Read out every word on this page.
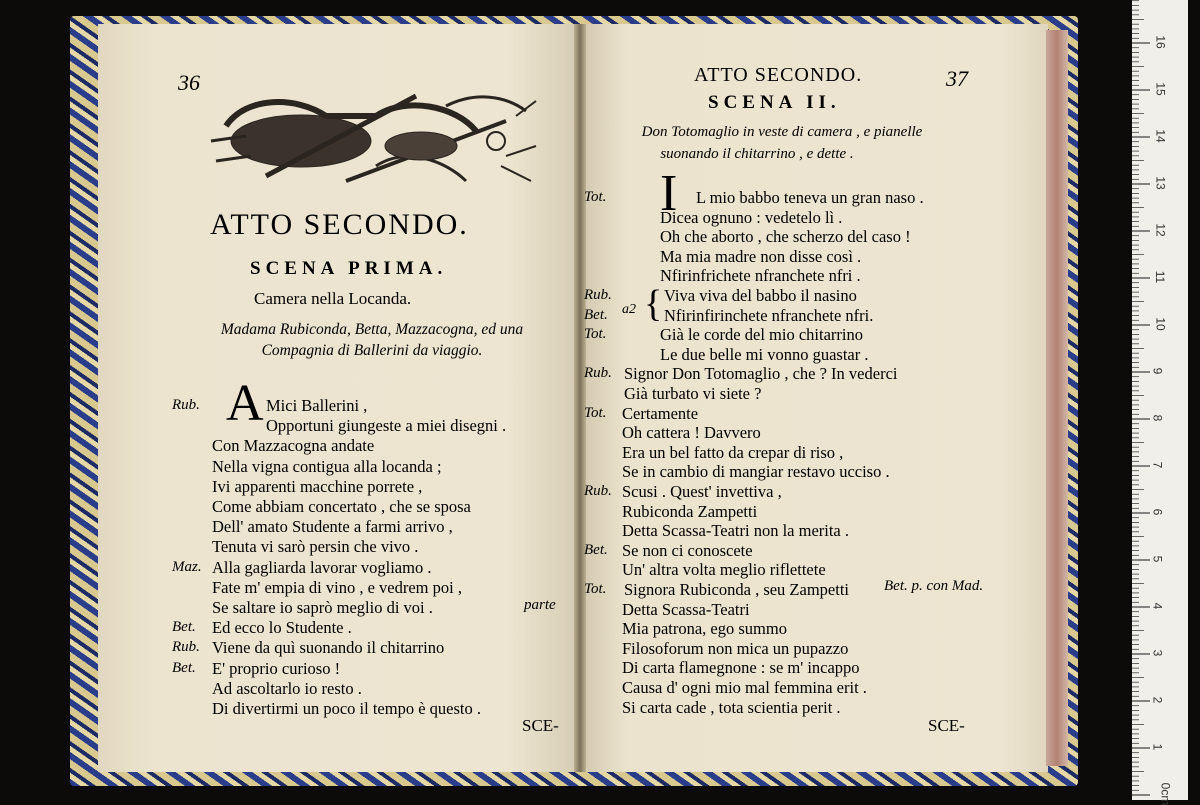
36
ATTO SECONDO.
SCENA PRIMA.
Camera nella Locanda.
Madama Rubiconda, Betta, Mazzacogna, ed una
Compagnia di Ballerini da viaggio.
A
Rub.	Mici Ballerini ,
Opportuni giungeste a miei disegni .
Con Mazzacogna andate
Nella vigna contigua alla locanda ;
Ivi apparenti macchine porrete ,
Come abbiam concertato , che se sposa
Dell' amato Studente a farmi arrivo ,
Tenuta vi sarò persin che vivo .
Maz. Alla gagliarda lavorar vogliamo .
Fate m' empia di vino , e vedrem poi ,
Se saltare io saprò meglio di voi .
Bet. Ed ecco lo Studente .
Rub. Viene da quì suonando il chitarrino
Bet. E' proprio curioso !
Ad ascoltarlo io resto .
Di divertirmi un poco il tempo è questo .
parte
SCE-
ATTO SECONDO.	37
SCENA II.
Don Totomaglio in veste di camera , e pianelle
suonando il chitarrino , e dette .
I
a2 {
Tot.	L mio babbo teneva un gran naso .
Dicea ognuno : vedetelo lì .
Oh che aborto , che scherzo del caso !
Ma mia madre non disse così .
Nfirinfrichete nfranchete nfri .
Rub.	Viva viva del babbo il nasino
Bet.	Nfirinfirinchete nfranchete nfri.
Tot.	Già le corde del mio chitarrino
Le due belle mi vonno guastar .
Rub. Signor Don Totomaglio , che ? In vederci
Già turbato vi siete ?
Tot. Certamente
Oh cattera ! Davvero
Era un bel fatto da crepar di riso ,
Se in cambio di mangiar restavo ucciso .
Rub. Scusi . Quest' invettiva ,
Rubiconda Zampetti
Detta Scassa-Teatri non la merita .
Bet. Se non ci conoscete
Un' altra volta meglio riflettete
Tot. Signora Rubiconda , seu Zampetti
Detta Scassa-Teatri
Mia patrona, ego summo
Filosoforum non mica un pupazzo
Di carta flamegnone : se m' incappo
Causa d' ogni mio mal femmina erit .
Si carta cade , tota scientia perit .
Bet. p. con Mad.
SCE-
16
15
14
13
12
11
10
9
8
7
6
5
4
3
2
1
0cm
